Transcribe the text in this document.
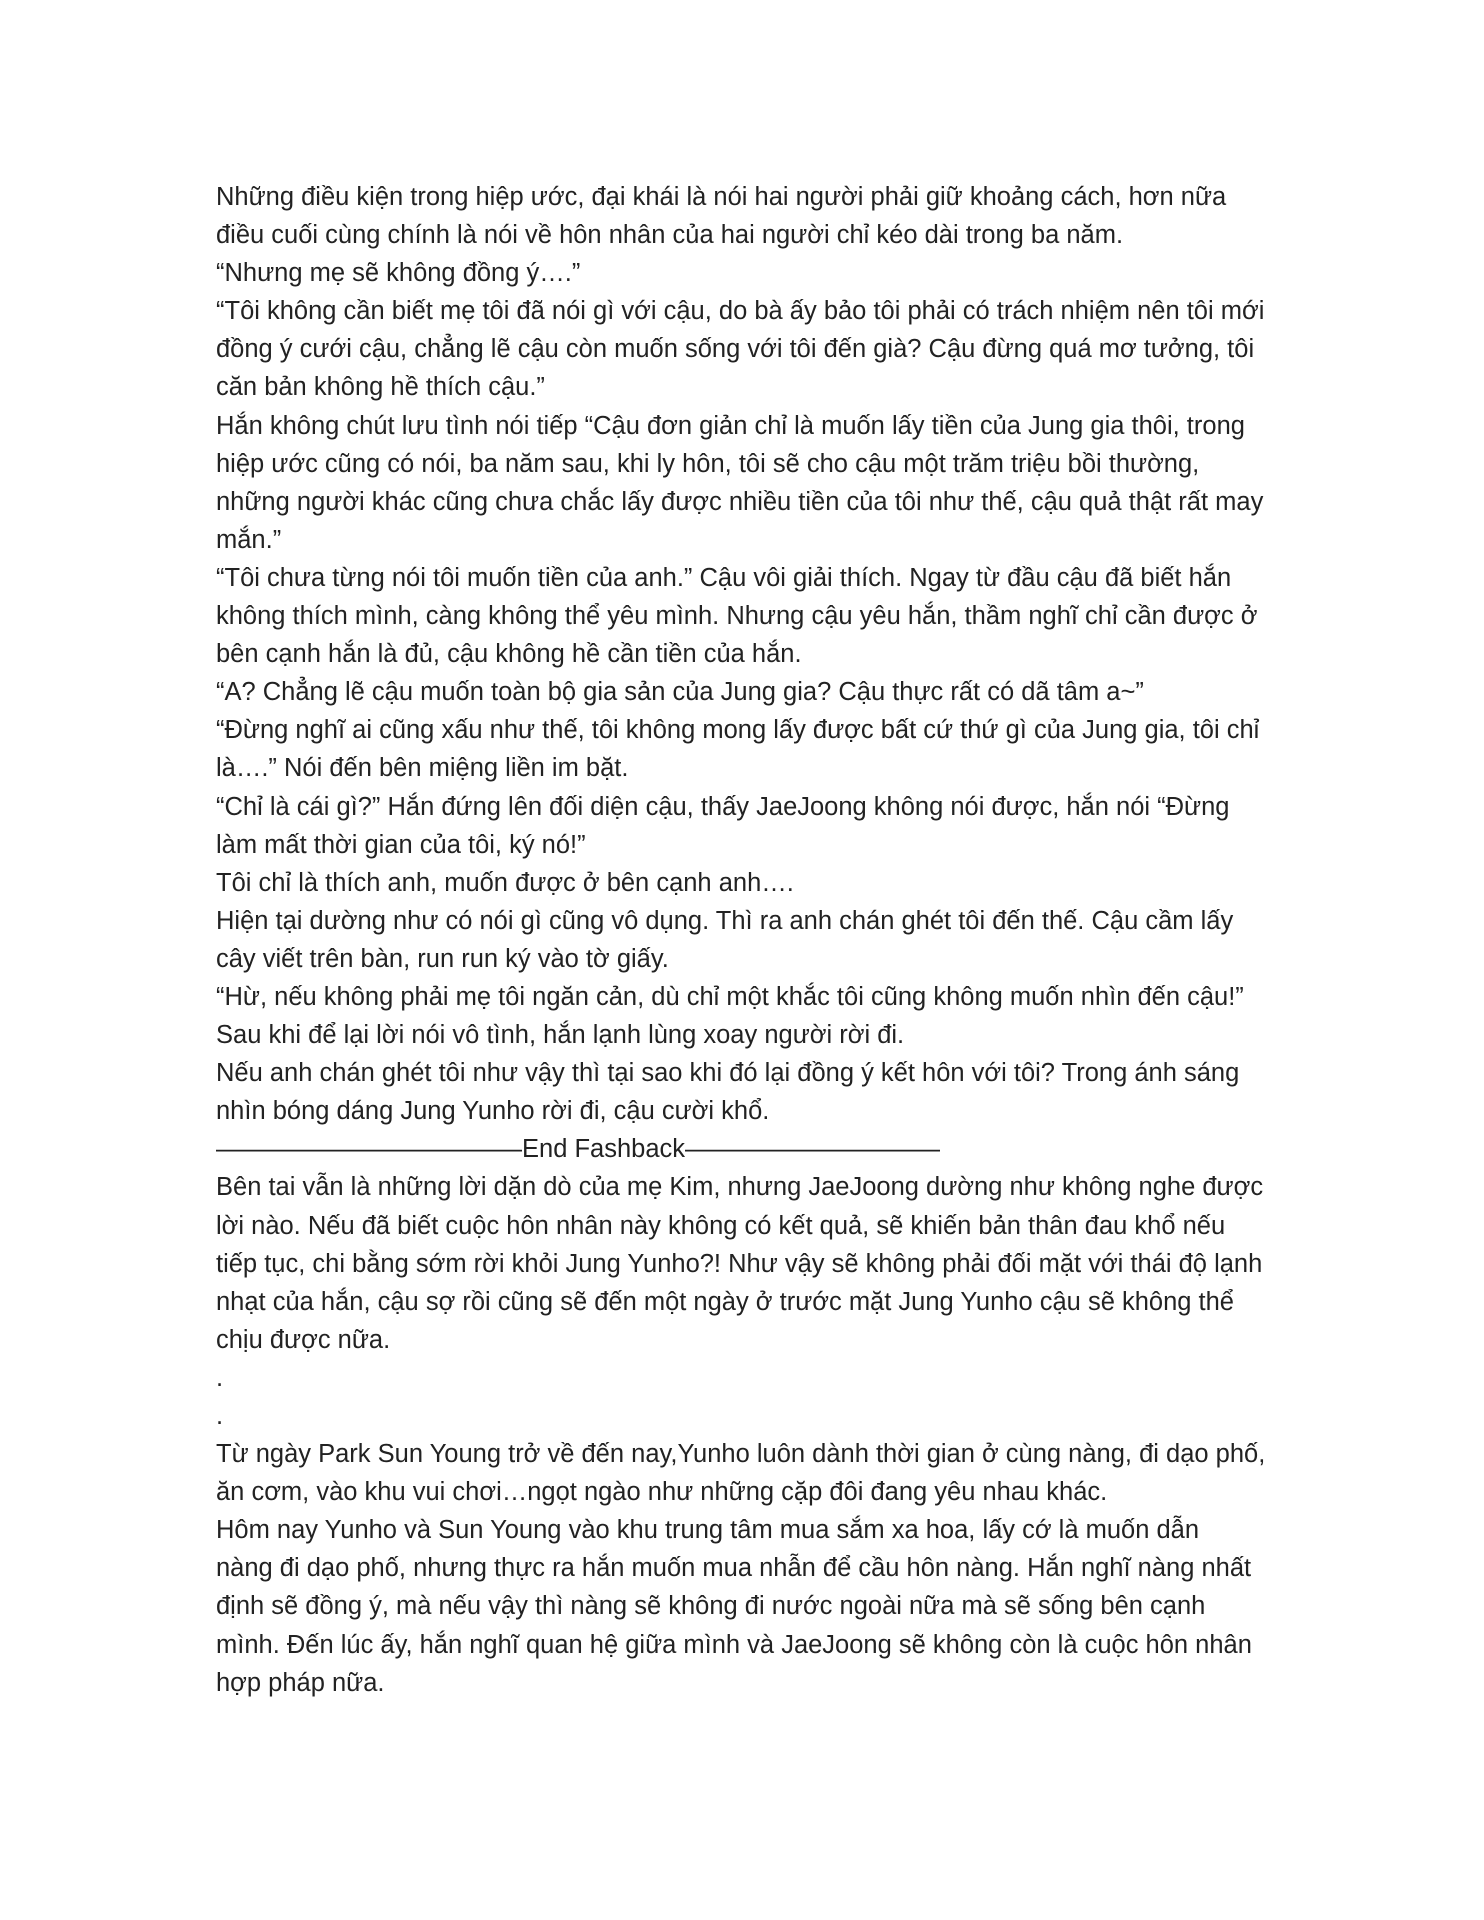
Những điều kiện trong hiệp ước, đại khái là nói hai người phải giữ khoảng cách, hơn nữa
điều cuối cùng chính là nói về hôn nhân của hai người chỉ kéo dài trong ba năm.
“Nhưng mẹ sẽ không đồng ý….”
“Tôi không cần biết mẹ tôi đã nói gì với cậu, do bà ấy bảo tôi phải có trách nhiệm nên tôi mới
đồng ý cưới cậu, chẳng lẽ cậu còn muốn sống với tôi đến già? Cậu đừng quá mơ tưởng, tôi
căn bản không hề thích cậu.”
Hắn không chút lưu tình nói tiếp “Cậu đơn giản chỉ là muốn lấy tiền của Jung gia thôi, trong
hiệp ước cũng có nói, ba năm sau, khi ly hôn, tôi sẽ cho cậu một trăm triệu bồi thường,
những người khác cũng chưa chắc lấy được nhiều tiền của tôi như thế, cậu quả thật rất may
mắn.”
“Tôi chưa từng nói tôi muốn tiền của anh.” Cậu vôi giải thích. Ngay từ đầu cậu đã biết hắn
không thích mình, càng không thể yêu mình. Nhưng cậu yêu hắn, thầm nghĩ chỉ cần được ở
bên cạnh hắn là đủ, cậu không hề cần tiền của hắn.
“A? Chẳng lẽ cậu muốn toàn bộ gia sản của Jung gia? Cậu thực rất có dã tâm a~”
“Đừng nghĩ ai cũng xấu như thế, tôi không mong lấy được bất cứ thứ gì của Jung gia, tôi chỉ
là….” Nói đến bên miệng liền im bặt.
“Chỉ là cái gì?” Hắn đứng lên đối diện cậu, thấy JaeJoong không nói được, hắn nói “Đừng
làm mất thời gian của tôi, ký nó!”
Tôi chỉ là thích anh, muốn được ở bên cạnh anh….
Hiện tại dường như có nói gì cũng vô dụng. Thì ra anh chán ghét tôi đến thế. Cậu cầm lấy
cây viết trên bàn, run run ký vào tờ giấy.
“Hừ, nếu không phải mẹ tôi ngăn cản, dù chỉ một khắc tôi cũng không muốn nhìn đến cậu!”
Sau khi để lại lời nói vô tình, hắn lạnh lùng xoay người rời đi.
Nếu anh chán ghét tôi như vậy thì tại sao khi đó lại đồng ý kết hôn với tôi? Trong ánh sáng
nhìn bóng dáng Jung Yunho rời đi, cậu cười khổ.
————————————End Fashback——————————
Bên tai vẫn là những lời dặn dò của mẹ Kim, nhưng JaeJoong dường như không nghe được
lời nào. Nếu đã biết cuộc hôn nhân này không có kết quả, sẽ khiến bản thân đau khổ nếu
tiếp tục, chi bằng sớm rời khỏi Jung Yunho?! Như vậy sẽ không phải đối mặt với thái độ lạnh
nhạt của hắn, cậu sợ rồi cũng sẽ đến một ngày ở trước mặt Jung Yunho cậu sẽ không thể
chịu được nữa.
.
.
Từ ngày Park Sun Young trở về đến nay,Yunho luôn dành thời gian ở cùng nàng, đi dạo phố,
ăn cơm, vào khu vui chơi…ngọt ngào như những cặp đôi đang yêu nhau khác.
Hôm nay Yunho và Sun Young vào khu trung tâm mua sắm xa hoa, lấy cớ là muốn dẫn
nàng đi dạo phố, nhưng thực ra hắn muốn mua nhẫn để cầu hôn nàng. Hắn nghĩ nàng nhất
định sẽ đồng ý, mà nếu vậy thì nàng sẽ không đi nước ngoài nữa mà sẽ sống bên cạnh
mình. Đến lúc ấy, hắn nghĩ quan hệ giữa mình và JaeJoong sẽ không còn là cuộc hôn nhân
hợp pháp nữa.
